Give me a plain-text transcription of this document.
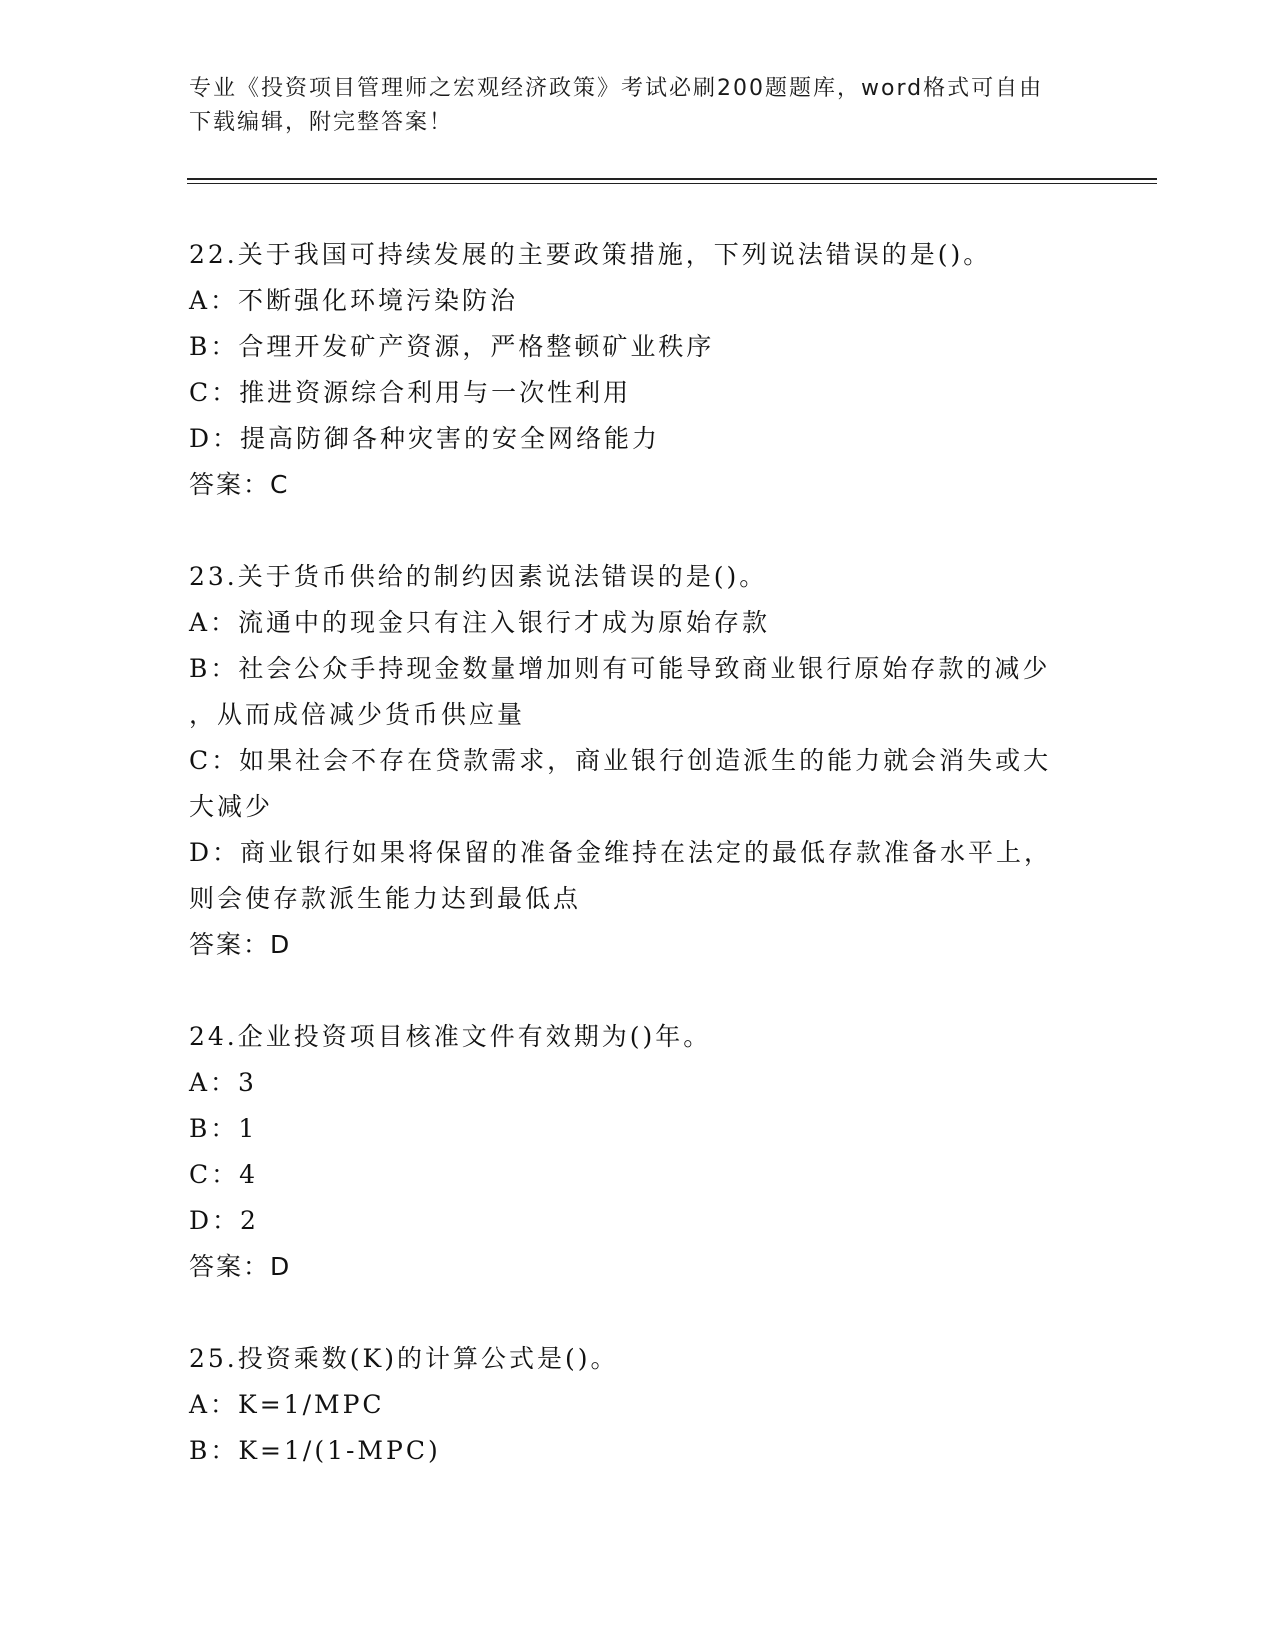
专业《投资项目管理师之宏观经济政策》考试必刷200题题库，word格式可自由
下载编辑，附完整答案！
22.关于我国可持续发展的主要政策措施，下列说法错误的是()。
A：不断强化环境污染防治
B：合理开发矿产资源，严格整顿矿业秩序
C：推进资源综合利用与一次性利用
D：提高防御各种灾害的安全网络能力
答案：C
23.关于货币供给的制约因素说法错误的是()。
A：流通中的现金只有注入银行才成为原始存款
B：社会公众手持现金数量增加则有可能导致商业银行原始存款的减少
，从而成倍减少货币供应量
C：如果社会不存在贷款需求，商业银行创造派生的能力就会消失或大
大减少
D：商业银行如果将保留的准备金维持在法定的最低存款准备水平上，
则会使存款派生能力达到最低点
答案：D
24.企业投资项目核准文件有效期为()年。
A：3
B：1
C：4
D：2
答案：D
25.投资乘数(K)的计算公式是()。
A：K=1/MPC
B：K=1/(1-MPC)
